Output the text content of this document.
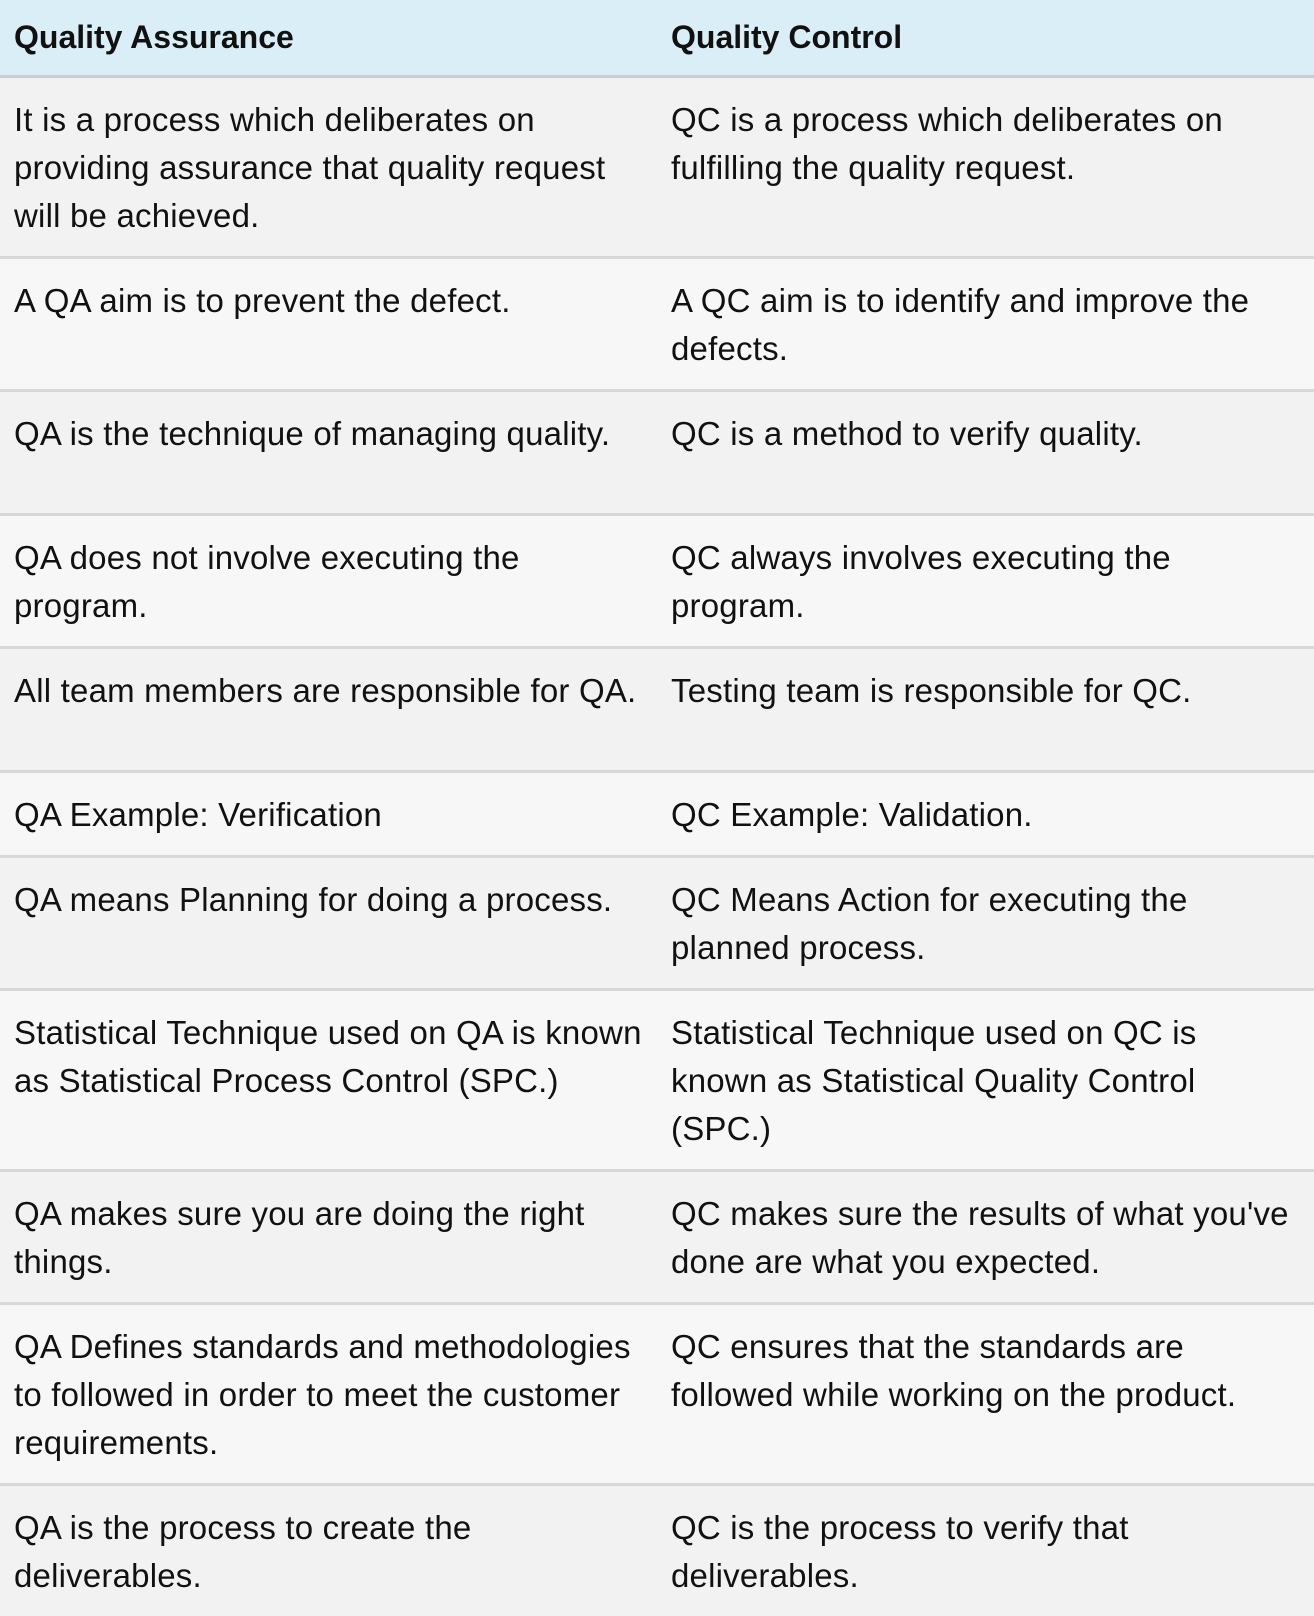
Quality Assurance	Quality Control
It is a process which deliberates on providing assurance that quality request will be achieved.	QC is a process which deliberates on fulfilling the quality request.
A QA aim is to prevent the defect.	A QC aim is to identify and improve the defects.
QA is the technique of managing quality.	QC is a method to verify quality.
QA does not involve executing the program.	QC always involves executing the program.
All team members are responsible for QA.	Testing team is responsible for QC.
QA Example: Verification	QC Example: Validation.
QA means Planning for doing a process.	QC Means Action for executing the planned process.
Statistical Technique used on QA is known as Statistical Process Control (SPC.)	Statistical Technique used on QC is known as Statistical Quality Control (SPC.)
QA makes sure you are doing the right things.	QC makes sure the results of what you've done are what you expected.
QA Defines standards and methodologies to followed in order to meet the customer requirements.	QC ensures that the standards are followed while working on the product.
QA is the process to create the deliverables.	QC is the process to verify that deliverables.
